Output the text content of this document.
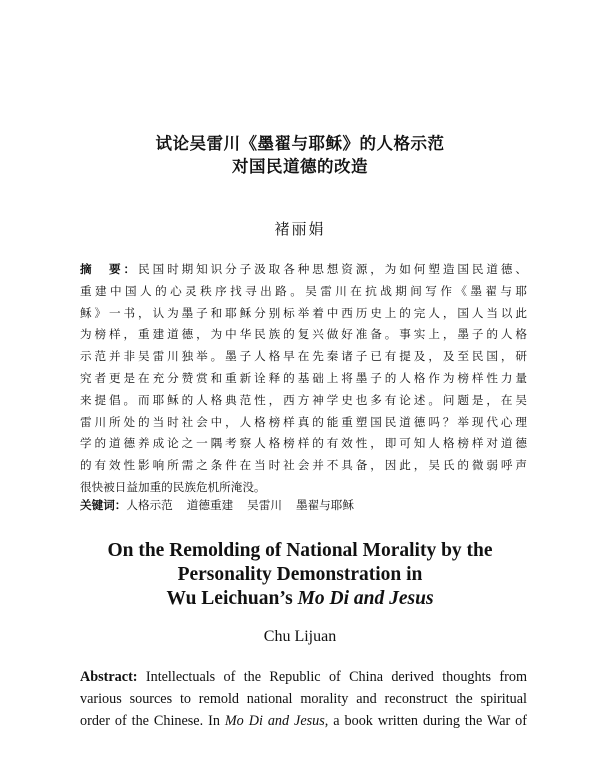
试论吴雷川《墨翟与耶稣》的人格示范
对国民道德的改造
褚丽娟
摘　要：民国时期知识分子汲取各种思想资源，为如何塑造国民道德、
重建中国人的心灵秩序找寻出路。吴雷川在抗战期间写作《墨翟与耶
稣》一书，认为墨子和耶稣分别标举着中西历史上的完人，国人当以此
为榜样，重建道德，为中华民族的复兴做好准备。事实上，墨子的人格
示范并非吴雷川独举。墨子人格早在先秦诸子已有提及，及至民国，研
究者更是在充分赞赏和重新诠释的基础上将墨子的人格作为榜样性力量
来提倡。而耶稣的人格典范性，西方神学史也多有论述。问题是，在吴
雷川所处的当时社会中，人格榜样真的能重塑国民道德吗？举现代心理
学的道德养成论之一隅考察人格榜样的有效性，即可知人格榜样对道德
的有效性影响所需之条件在当时社会并不具备，因此，吴氏的微弱呼声
很快被日益加重的民族危机所淹没。
关键词：人格示范 道德重建 吴雷川 墨翟与耶稣
On the Remolding of National Morality by the
Personality Demonstration in
Wu Leichuan’s Mo Di and Jesus
Chu Lijuan
Abstract: Intellectuals of the Republic of China derived thoughts from
various sources to remold national morality and reconstruct the spiritual
order of the Chinese. In Mo Di and Jesus, a book written during the War of
